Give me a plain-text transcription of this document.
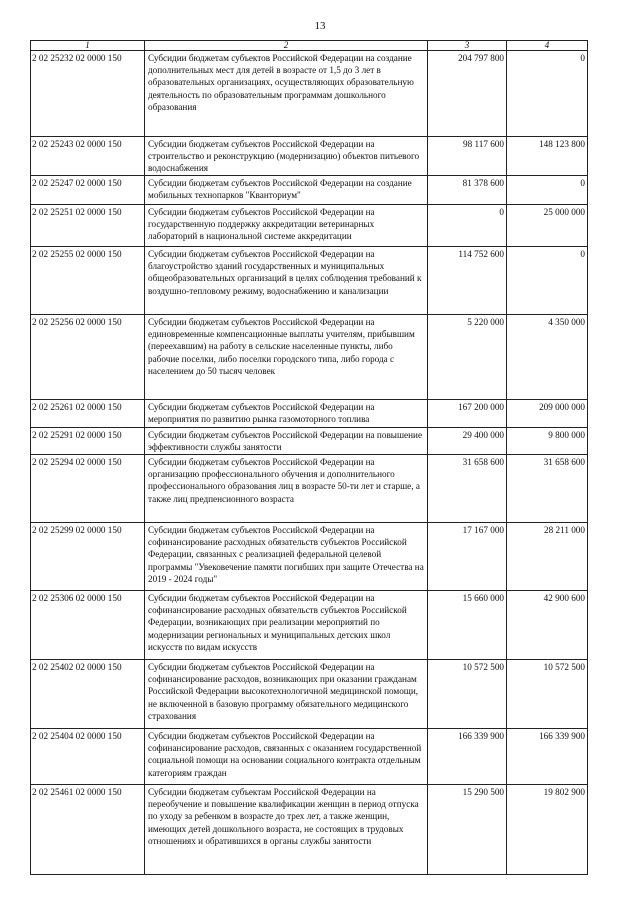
13
1	2	3	4
2 02 25232 02 0000 150	Субсидии бюджетам субъектов Российской Федерации на создание дополнительных мест для детей в возрасте от 1,5 до 3 лет в образовательных организациях, осуществляющих образовательную деятельность по образовательным программам дошкольного образования	204 797 800	0
2 02 25243 02 0000 150	Субсидии бюджетам субъектов Российской Федерации на строительство и реконструкцию (модернизацию) объектов питьевого водоснабжения	98 117 600	148 123 800
2 02 25247 02 0000 150	Субсидии бюджетам субъектов Российской Федерации на создание мобильных технопарков "Кванториум"	81 378 600	0
2 02 25251 02 0000 150	Субсидии бюджетам субъектов Российской Федерации на государственную поддержку аккредитации ветеринарных лабораторий в национальной системе аккредитации	0	25 000 000
2 02 25255 02 0000 150	Субсидии бюджетам субъектов Российской Федерации на благоустройство зданий государственных и муниципальных общеобразовательных организаций в целях соблюдения требований к воздушно-тепловому режиму, водоснабжению и канализации	114 752 600	0
2 02 25256 02 0000 150	Субсидии бюджетам субъектов Российской Федерации на единовременные компенсационные выплаты учителям, прибывшим (переехавшим) на работу в сельские населенные пункты, либо рабочие поселки, либо поселки городского типа, либо города с населением до 50 тысяч человек	5 220 000	4 350 000
2 02 25261 02 0000 150	Субсидии бюджетам субъектов Российской Федерации на мероприятия по развитию рынка газомоторного топлива	167 200 000	209 000 000
2 02 25291 02 0000 150	Субсидии бюджетам субъектов Российской Федерации на повышение эффективности службы занятости	29 400 000	9 800 000
2 02 25294 02 0000 150	Субсидии бюджетам субъектов Российской Федерации на организацию профессионального обучения и дополнительного профессионального образования лиц в возрасте 50-ти лет и старше, а также лиц предпенсионного возраста	31 658 600	31 658 600
2 02 25299 02 0000 150	Субсидии бюджетам субъектов Российской Федерации на софинансирование расходных обязательств субъектов Российской Федерации, связанных с реализацией федеральной целевой программы "Увековечение памяти погибших при защите Отечества на 2019 - 2024 годы"	17 167 000	28 211 000
2 02 25306 02 0000 150	Субсидии бюджетам субъектов Российской Федерации на софинансирование расходных обязательств субъектов Российской Федерации, возникающих при реализации мероприятий по модернизации региональных и муниципальных детских школ искусств по видам искусств	15 660 000	42 900 600
2 02 25402 02 0000 150	Субсидии бюджетам субъектов Российской Федерации на софинансирование расходов, возникающих при оказании гражданам Российской Федерации высокотехнологичной медицинской помощи, не включенной в базовую программу обязательного медицинского страхования	10 572 500	10 572 500
2 02 25404 02 0000 150	Субсидии бюджетам субъектов Российской Федерации на софинансирование расходов, связанных с оказанием государственной социальной помощи на основании социального контракта отдельным категориям граждан	166 339 900	166 339 900
2 02 25461 02 0000 150	Субсидии бюджетам субъектам Российской Федерации на переобучение и повышение квалификации женщин в период отпуска по уходу за ребенком в возрасте до трех лет, а также женщин, имеющих детей дошкольного возраста, не состоящих в трудовых отношениях и обратившихся в органы службы занятости	15 290 500	19 802 900
